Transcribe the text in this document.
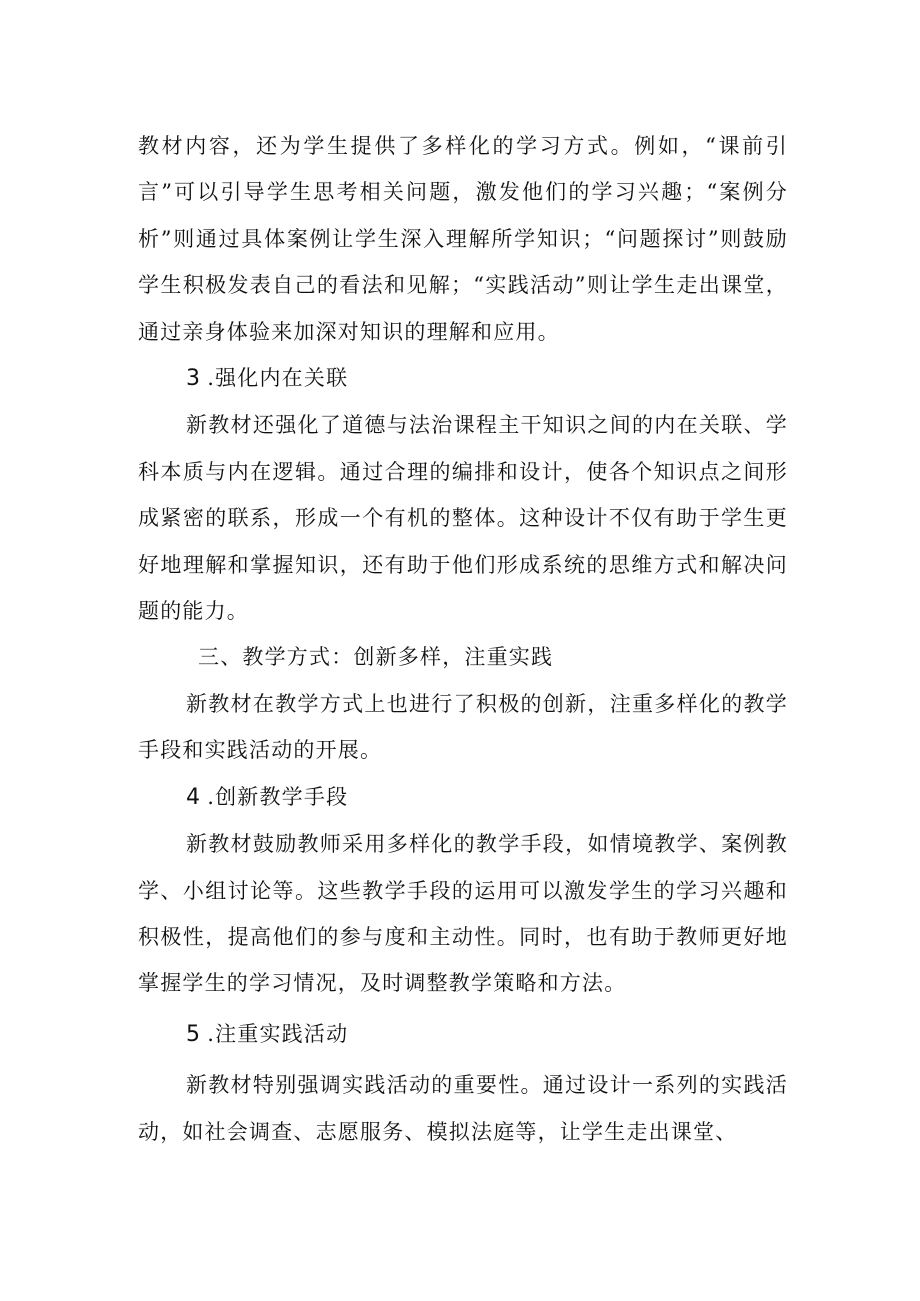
教材内容，还为学生提供了多样化的学习方式。例如，“课前引言”可以引导学生思考相关问题，激发他们的学习兴趣；“案例分析”则通过具体案例让学生深入理解所学知识；“问题探讨”则鼓励学生积极发表自己的看法和见解；“实践活动”则让学生走出课堂，通过亲身体验来加深对知识的理解和应用。

3 .强化内在关联

新教材还强化了道德与法治课程主干知识之间的内在关联、学科本质与内在逻辑。通过合理的编排和设计，使各个知识点之间形成紧密的联系，形成一个有机的整体。这种设计不仅有助于学生更好地理解和掌握知识，还有助于他们形成系统的思维方式和解决问题的能力。

三、教学方式：创新多样，注重实践

新教材在教学方式上也进行了积极的创新，注重多样化的教学手段和实践活动的开展。

4 .创新教学手段

新教材鼓励教师采用多样化的教学手段，如情境教学、案例教学、小组讨论等。这些教学手段的运用可以激发学生的学习兴趣和积极性，提高他们的参与度和主动性。同时，也有助于教师更好地掌握学生的学习情况，及时调整教学策略和方法。

5 .注重实践活动

新教材特别强调实践活动的重要性。通过设计一系列的实践活动，如社会调查、志愿服务、模拟法庭等，让学生走出课堂、
